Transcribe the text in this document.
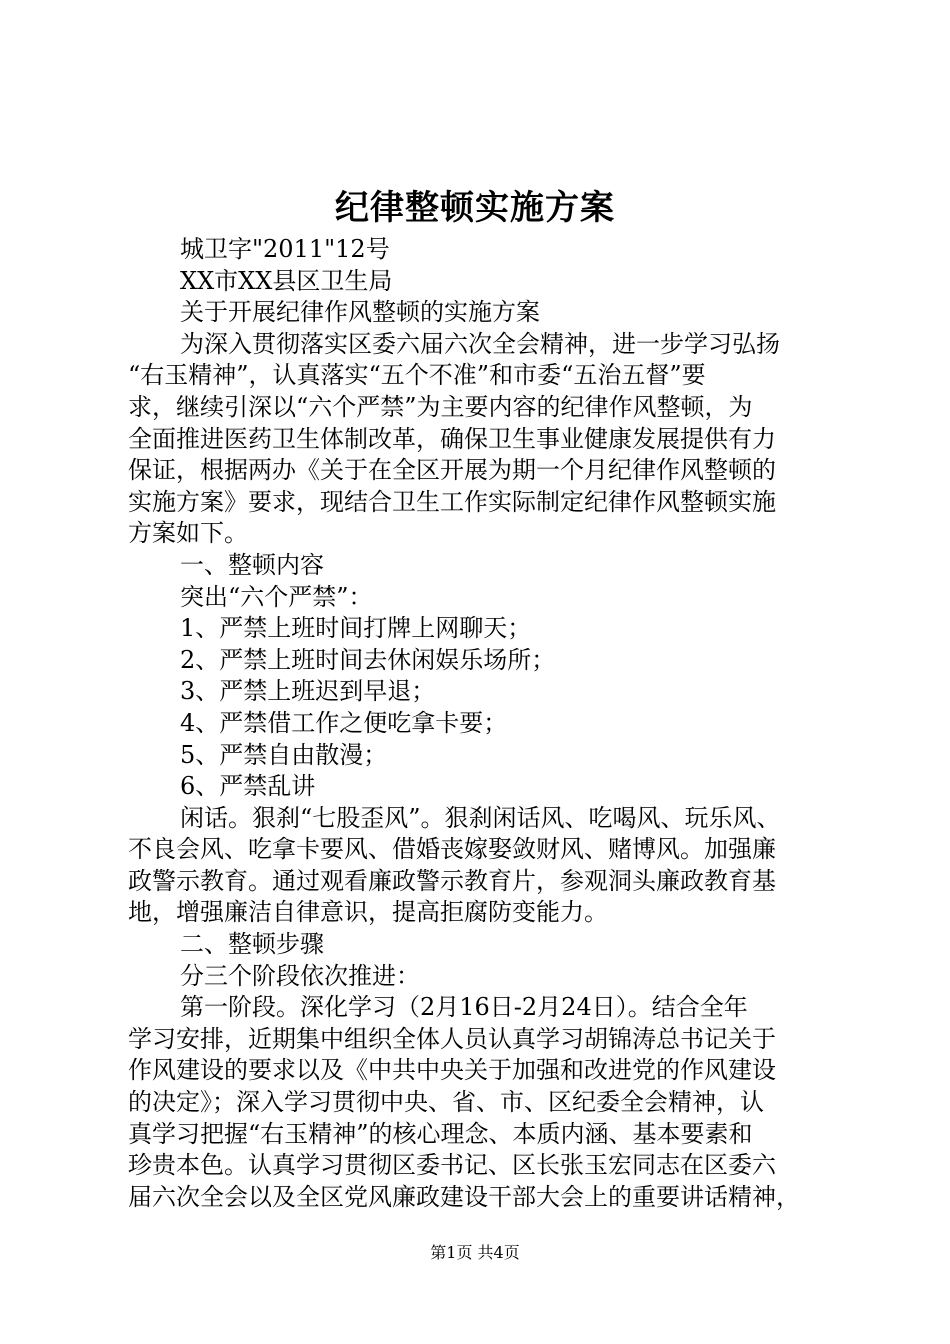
纪律整顿实施方案
城卫字"2011"12号
XX市XX县区卫生局
关于开展纪律作风整顿的实施方案
为深入贯彻落实区委六届六次全会精神，进一步学习弘扬
“右玉精神”，认真落实“五个不准”和市委“五治五督”要
求，继续引深以“六个严禁”为主要内容的纪律作风整顿，为
全面推进医药卫生体制改革，确保卫生事业健康发展提供有力
保证，根据两办《关于在全区开展为期一个月纪律作风整顿的
实施方案》要求，现结合卫生工作实际制定纪律作风整顿实施
方案如下。
一、整顿内容
突出“六个严禁”：
1、严禁上班时间打牌上网聊天；
2、严禁上班时间去休闲娱乐场所；
3、严禁上班迟到早退；
4、严禁借工作之便吃拿卡要；
5、严禁自由散漫；
6、严禁乱讲
闲话。狠刹“七股歪风”。狠刹闲话风、吃喝风、玩乐风、
不良会风、吃拿卡要风、借婚丧嫁娶敛财风、赌博风。加强廉
政警示教育。通过观看廉政警示教育片，参观洞头廉政教育基
地，增强廉洁自律意识，提高拒腐防变能力。
二、整顿步骤
分三个阶段依次推进：
第一阶段。深化学习（2月16日-2月24日）。结合全年
学习安排，近期集中组织全体人员认真学习胡锦涛总书记关于
作风建设的要求以及《中共中央关于加强和改进党的作风建设
的决定》；深入学习贯彻中央、省、市、区纪委全会精神，认
真学习把握“右玉精神”的核心理念、本质内涵、基本要素和
珍贵本色。认真学习贯彻区委书记、区长张玉宏同志在区委六
届六次全会以及全区党风廉政建设干部大会上的重要讲话精神，
第1页 共4页
